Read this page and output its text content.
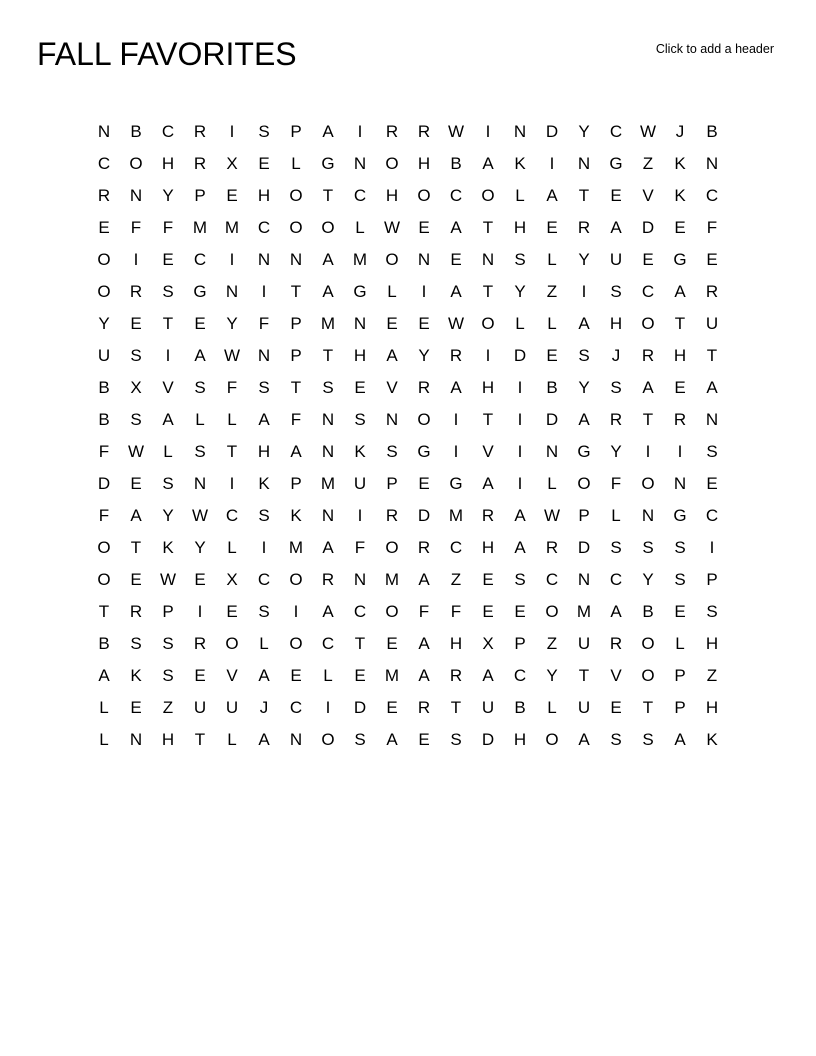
FALL FAVORITES	Click to add a header
N	B	C	R	I	S	P	A	I	R	R	W	I	N	D	Y	C	W	J	B
C	O	H	R	X	E	L	G	N	O	H	B	A	K	I	N	G	Z	K	N
R	N	Y	P	E	H	O	T	C	H	O	C	O	L	A	T	E	V	K	C
E	F	F	M	M	C	O	O	L	W	E	A	T	H	E	R	A	D	E	F
O	I	E	C	I	N	N	A	M	O	N	E	N	S	L	Y	U	E	G	E
O	R	S	G	N	I	T	A	G	L	I	A	T	Y	Z	I	S	C	A	R
Y	E	T	E	Y	F	P	M	N	E	E	W	O	L	L	A	H	O	T	U
U	S	I	A	W	N	P	T	H	A	Y	R	I	D	E	S	J	R	H	T
B	X	V	S	F	S	T	S	E	V	R	A	H	I	B	Y	S	A	E	A
B	S	A	L	L	A	F	N	S	N	O	I	T	I	D	A	R	T	R	N
F	W	L	S	T	H	A	N	K	S	G	I	V	I	N	G	Y	I	I	S
D	E	S	N	I	K	P	M	U	P	E	G	A	I	L	O	F	O	N	E
F	A	Y	W	C	S	K	N	I	R	D	M	R	A	W	P	L	N	G	C
O	T	K	Y	L	I	M	A	F	O	R	C	H	A	R	D	S	S	S	I
O	E	W	E	X	C	O	R	N	M	A	Z	E	S	C	N	C	Y	S	P
T	R	P	I	E	S	I	A	C	O	F	F	E	E	O	M	A	B	E	S
B	S	S	R	O	L	O	C	T	E	A	H	X	P	Z	U	R	O	L	H
A	K	S	E	V	A	E	L	E	M	A	R	A	C	Y	T	V	O	P	Z
L	E	Z	U	U	J	C	I	D	E	R	T	U	B	L	U	E	T	P	H
L	N	H	T	L	A	N	O	S	A	E	S	D	H	O	A	S	S	A	K
